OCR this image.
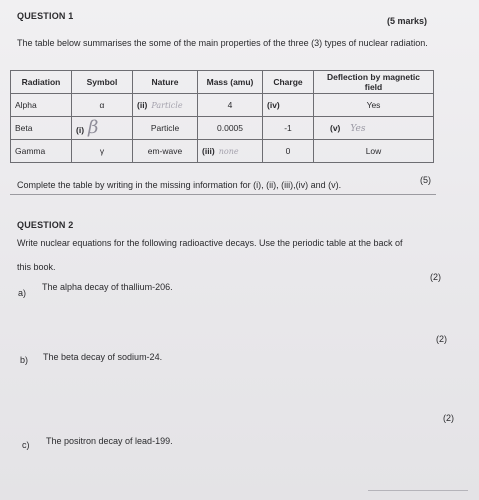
QUESTION 1	(5 marks)
The table below summarises the some of the main properties of the three (3) types of nuclear radiation.
Radiation	Symbol	Nature	Mass (amu)	Charge	Deflection by magnetic field
Alpha	α	(ii) Particle	4	(iv)	Yes
Beta	(i) β	Particle	0.0005	-1	(v) Yes
Gamma	γ	em-wave	(iii) none	0	Low
Complete the table by writing in the missing information for (i), (ii), (iii),(iv) and (v).	(5)
QUESTION 2
Write nuclear equations for the following radioactive decays. Use the periodic table at the back of
this book.
(2)
a)
The alpha decay of thallium-206.
(2)
b) The beta decay of sodium-24.
(2)
c) The positron decay of lead-199.
